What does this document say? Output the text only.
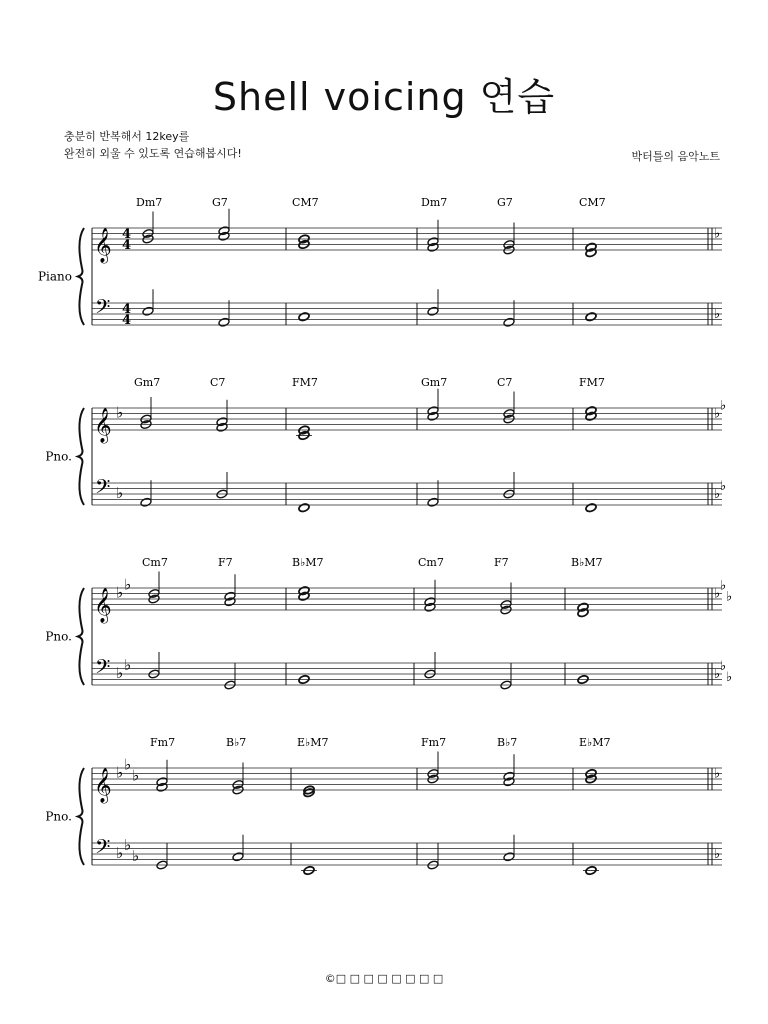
Shell voicing 연습
충분히 반복해서 12key를
완전히 외울 수 있도록 연습해봅시다!	박터틀의 음악노트
Piano
𝄞
𝄢
4
4
4
4
Dm7	G7	CM7	Dm7	G7	CM7
♭
♭
Pno.
𝄞
𝄢
♭
♭
Gm7	C7	FM7	Gm7	C7	FM7
♭
♭
♭
♭
Pno.
𝄞
𝄢
♭
♭
♭
♭
Cm7	F7	B♭M7	Cm7	F7	B♭M7
♭
♭
♭
♭
♭
♭
Pno.
𝄞
𝄢
♭
♭
♭
♭
♭
♭
Fm7	B♭7	E♭M7	Fm7	B♭7	E♭M7
♭
♭
©□ □ □ □ □ □ □ □
